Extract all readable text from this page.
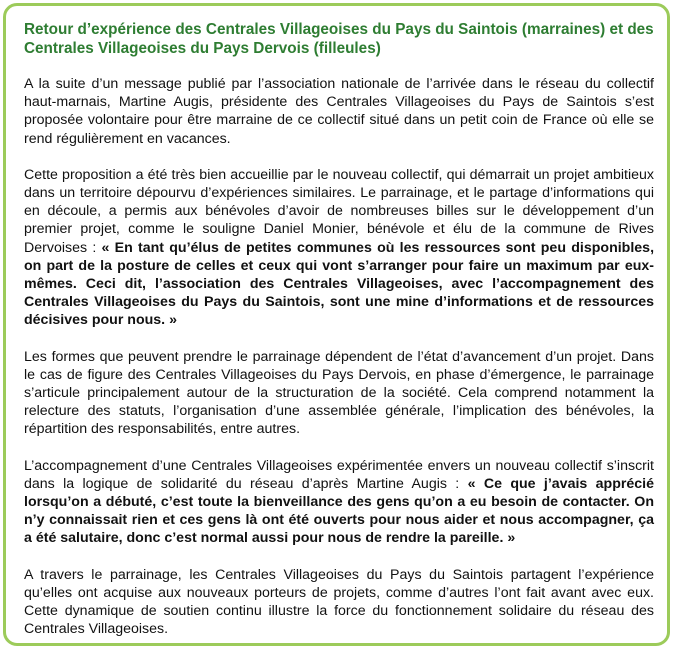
Retour d’expérience des Centrales Villageoises du Pays du Saintois (marraines) et des Centrales Villageoises du Pays Dervois (filleules)

A la suite d’un message publié par l’association nationale de l’arrivée dans le réseau du collectif haut-marnais, Martine Augis, présidente des Centrales Villageoises du Pays de Saintois s’est proposée volontaire pour être marraine de ce collectif situé dans un petit coin de France où elle se rend régulièrement en vacances.

Cette proposition a été très bien accueillie par le nouveau collectif, qui démarrait un projet ambitieux dans un territoire dépourvu d’expériences similaires. Le parrainage, et le partage d’informations qui en découle, a permis aux bénévoles d’avoir de nombreuses billes sur le développement d’un premier projet, comme le souligne Daniel Monier, bénévole et élu de la commune de Rives Dervoises : « En tant qu’élus de petites communes où les ressources sont peu disponibles, on part de la posture de celles et ceux qui vont s’arranger pour faire un maximum par eux-mêmes. Ceci dit, l’association des Centrales Villageoises, avec l’accompagnement des Centrales Villageoises du Pays du Saintois, sont une mine d’informations et de ressources décisives pour nous. »

Les formes que peuvent prendre le parrainage dépendent de l’état d’avancement d’un projet. Dans le cas de figure des Centrales Villageoises du Pays Dervois, en phase d’émergence, le parrainage s’articule principalement autour de la structuration de la société. Cela comprend notamment la relecture des statuts, l’organisation d’une assemblée générale, l’implication des bénévoles, la répartition des responsabilités, entre autres.

L’accompagnement d’une Centrales Villageoises expérimentée envers un nouveau collectif s’inscrit dans la logique de solidarité du réseau d’après Martine Augis : « Ce que j’avais apprécié lorsqu’on a débuté, c’est toute la bienveillance des gens qu’on a eu besoin de contacter. On n’y connaissait rien et ces gens là ont été ouverts pour nous aider et nous accompagner, ça a été salutaire, donc c’est normal aussi pour nous de rendre la pareille. »

A travers le parrainage, les Centrales Villageoises du Pays du Saintois partagent l’expérience qu’elles ont acquise aux nouveaux porteurs de projets, comme d’autres l’ont fait avant avec eux. Cette dynamique de soutien continu illustre la force du fonctionnement solidaire du réseau des Centrales Villageoises.
